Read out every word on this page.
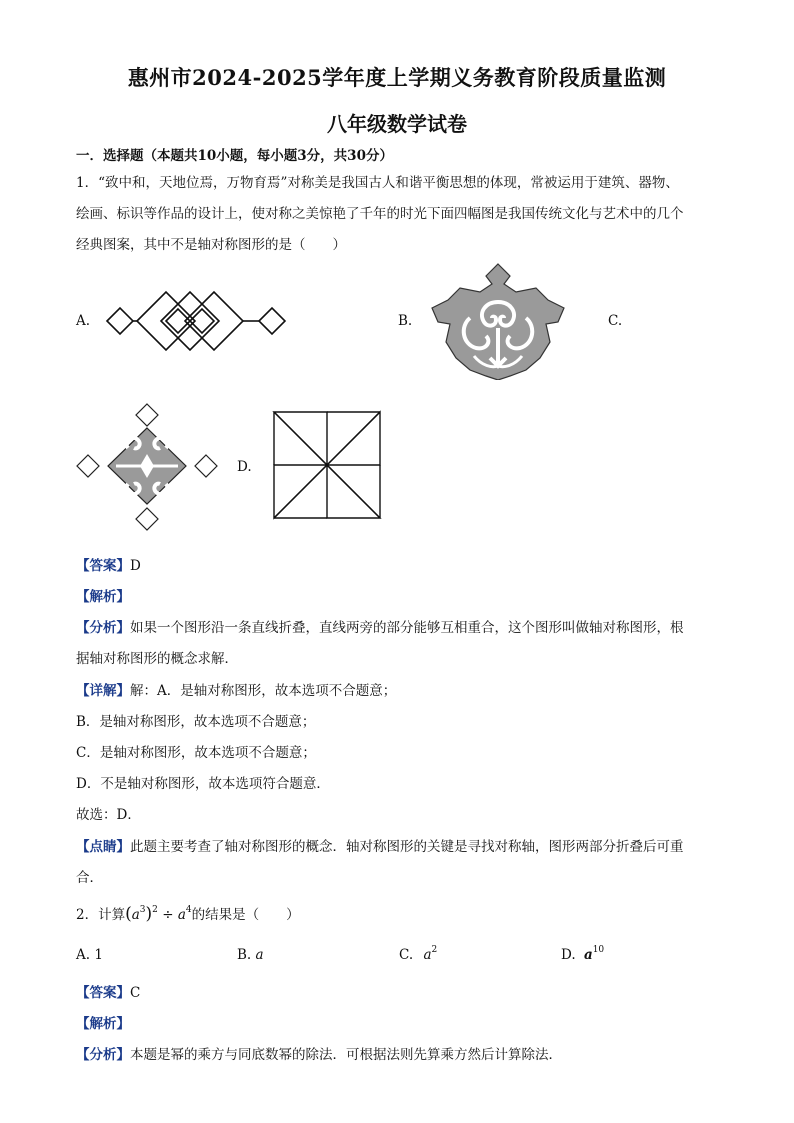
惠州市2024-2025学年度上学期义务教育阶段质量监测
八年级数学试卷
一．选择题（本题共10小题，每小题3分，共30分）
1．“致中和，天地位焉，万物育焉”对称美是我国古人和谐平衡思想的体现，常被运用于建筑、器物、
绘画、标识等作品的设计上，使对称之美惊艳了千年的时光下面四幅图是我国传统文化与艺术中的几个
经典图案，其中不是轴对称图形的是（　　）
A.	B.	C.
D.
【答案】D
【解析】
【分析】如果一个图形沿一条直线折叠，直线两旁的部分能够互相重合，这个图形叫做轴对称图形，根
据轴对称图形的概念求解．
【详解】解：A．是轴对称图形，故本选项不合题意；
B．是轴对称图形，故本选项不合题意；
C．是轴对称图形，故本选项不合题意；
D．不是轴对称图形，故本选项符合题意．
故选：D．
【点睛】此题主要考查了轴对称图形的概念．轴对称图形的关键是寻找对称轴，图形两部分折叠后可重
合．
2．计算$(a^3)^2 \div a^4$的结果是（　　）
A. 1	B. a	C. $a^2$	D. $a^{10}$
【答案】C
【解析】
【分析】本题是幂的乘方与同底数幂的除法．可根据法则先算乘方然后计算除法．
